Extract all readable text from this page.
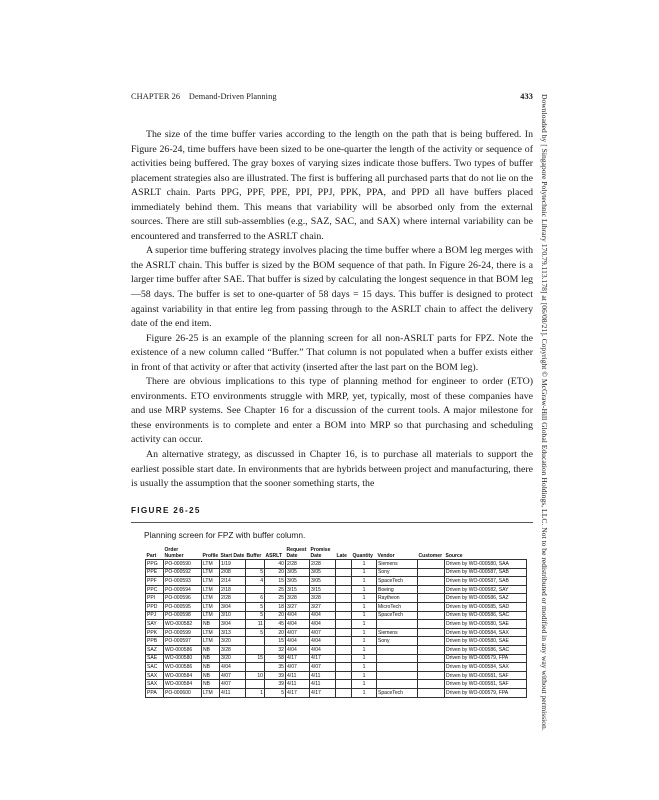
CHAPTER 26 Demand-Driven Planning	433 Downloaded by [ Singapore Polytechnic Library 170.79.113.178] at [06/08/21]. Copyright © McGraw-Hill Global Education Holdings, LLC. Not to be redistributed or modified in any way without permission.

The size of the time buffer varies according to the length on the path that is being buffered. In Figure 26-24, time buffers have been sized to be one-quarter the length of the activity or sequence of activities being buffered. The gray boxes of varying sizes indicate those buffers. Two types of buffer placement strategies also are illustrated. The first is buffering all purchased parts that do not lie on the ASRLT chain. Parts PPG, PPF, PPE, PPI, PPJ, PPK, PPA, and PPD all have buffers placed immediately behind them. This means that variability will be absorbed only from the external sources. There are still sub-assemblies (e.g., SAZ, SAC, and SAX) where internal variability can be encountered and transferred to the ASRLT chain.

A superior time buffering strategy involves placing the time buffer where a BOM leg merges with the ASRLT chain. This buffer is sized by the BOM sequence of that path. In Figure 26-24, there is a larger time buffer after SAE. That buffer is sized by calculating the longest sequence in that BOM leg—58 days. The buffer is set to one-quarter of 58 days = 15 days. This buffer is designed to protect against variability in that entire leg from passing through to the ASRLT chain to affect the delivery date of the end item.

Figure 26-25 is an example of the planning screen for all non-ASRLT parts for FPZ. Note the existence of a new column called “Buffer.” That column is not populated when a buffer exists either in front of that activity or after that activity (inserted after the last part on the BOM leg).

There are obvious implications to this type of planning method for engineer to order (ETO) environments. ETO environments struggle with MRP, yet, typically, most of these companies have and use MRP systems. See Chapter 16 for a discussion of the current tools. A major milestone for these environments is to complete and enter a BOM into MRP so that purchasing and scheduling activity can occur.

An alternative strategy, as discussed in Chapter 16, is to purchase all materials to support the earliest possible start date. In environments that are hybrids between project and manufacturing, there is usually the assumption that the sooner something starts, the

FIGURE 26-25
Planning screen for FPZ with buffer column.
	Order					Request	Promise					
Part	Number	Profile	Start Date	Buffer	ASRLT	Date	Date	Late	Quantity	Vendor	Customer	Source
PPG	PO-000590	LTM	1/19		40	2/28	2/28		1	Siemens		Driven by WO-000580, SAA
PPE	PO-000592	LTM	2/08	5	20	3/05	3/05		1	Sony		Driven by WO-000587, SAB
PPF	PO-000593	LTM	2/14	4	15	3/05	3/05		1	SpaceTech		Driven by WO-000587, SAB
PPC	PO-000594	LTM	2/18		25	3/15	3/15		1	Boeing		Driven by WO-000582, SAY
PPI	PO-000596	LTM	2/28	6	25	3/28	3/28		1	Raytheon		Driven by WO-000586, SAZ
PPD	PO-000595	LTM	3/04	5	18	3/27	3/27		1	MicroTech		Driven by WO-000585, SAD
PPJ	PO-000598	LTM	3/10	5	20	4/04	4/04		1	SpaceTech		Driven by WO-000586, SAC
SAY	WO-000582	NB	3/04	11	45	4/04	4/04		1			Driven by WO-000580, SAE
PPK	PO-000599	LTM	3/13	5	20	4/07	4/07		1	Siemens		Driven by WO-000584, SAX
PPB	PO-000597	LTM	3/20		15	4/04	4/04		1	Sony		Driven by WO-000580, SAE
SAZ	WO-000586	NB	3/28		32	4/04	4/04		1			Driven by WO-000586, SAC
SAE	WO-000580	NB	3/20	15	58	4/17	4/17		1			Driven by WO-000579, FPA
SAC	WO-000586	NB	4/04		35	4/07	4/07		1			Driven by WO-000584, SAX
SAX	WO-000584	NB	4/07	10	39	4/11	4/11		1			Driven by WO-000581, SAF
SAX	WO-000584	NB	4/07		39	4/11	4/11		1			Driven by WO-000581, SAF
PPA	PO-000600	LTM	4/11	1	5	4/17	4/17		1	SpaceTech		Driven by WO-000579, FPA
